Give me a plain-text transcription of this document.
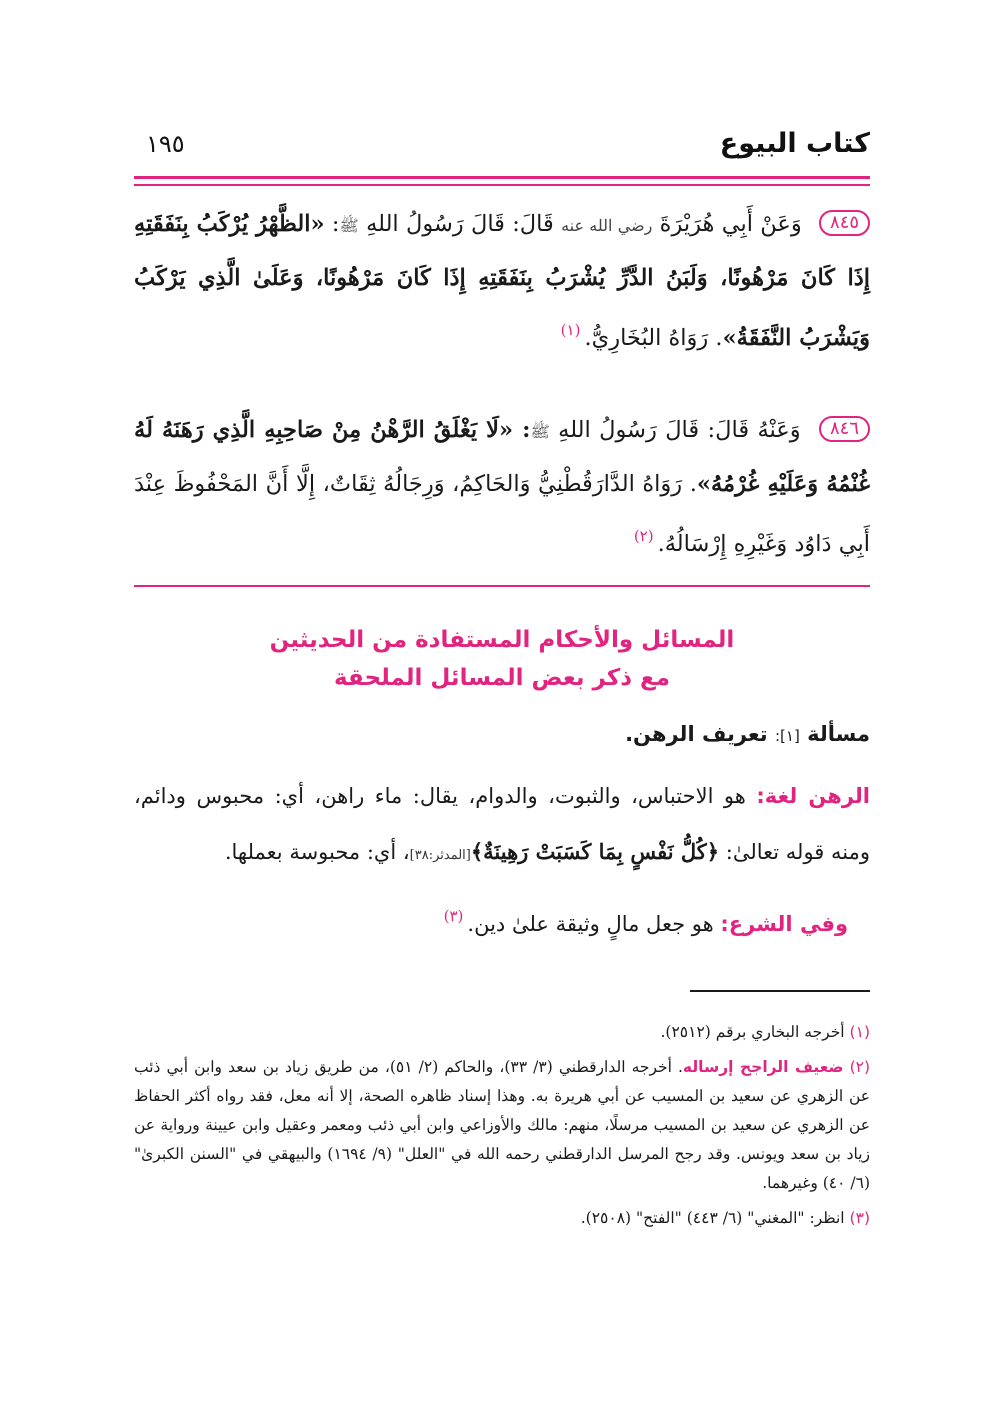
كتاب البيوع
١٩٥
٨٤٥ وَعَنْ أَبِي هُرَيْرَةَ رضي الله عنه قَالَ: قَالَ رَسُولُ اللهِ ﷺ: «الظَّهْرُ يُرْكَبُ بِنَفَقَتِهِ إِذَا كَانَ مَرْهُونًا، وَلَبَنُ الدَّرِّ يُشْرَبُ بِنَفَقَتِهِ إِذَا كَانَ مَرْهُونًا، وَعَلَىٰ الَّذِي يَرْكَبُ وَيَشْرَبُ النَّفَقَةُ». رَوَاهُ البُخَارِيُّ.$^{(١)}$
٨٤٦ وَعَنْهُ قَالَ: قَالَ رَسُولُ اللهِ ﷺ: «لَا يَغْلَقُ الرَّهْنُ مِنْ صَاحِبِهِ الَّذِي رَهَنَهُ لَهُ غُنْمُهُ وَعَلَيْهِ غُرْمُهُ». رَوَاهُ الدَّارَقُطْنِيُّ وَالحَاكِمُ، وَرِجَالُهُ ثِقَاتٌ، إِلَّا أَنَّ المَحْفُوظَ عِنْدَ أَبِي دَاوُد وَغَيْرِهِ إِرْسَالُهُ.$^{(٢)}$
المسائل والأحكام المستفادة من الحديثين
مع ذكر بعض المسائل الملحقة
مسألة [١]: تعريف الرهن.
الرهن لغة: هو الاحتباس، والثبوت، والدوام، يقال: ماء راهن، أي: محبوس ودائم، ومنه قوله تعالىٰ: ﴿كُلُّ نَفْسٍ بِمَا كَسَبَتْ رَهِينَةٌ﴾[المدثر:٣٨]، أي: محبوسة بعملها.
وفي الشرع: هو جعل مالٍ وثيقة علىٰ دين.$^{(٣)}$
(١) أخرجه البخاري برقم (٢٥١٢).
(٢) ضعيف الراجح إرساله. أخرجه الدارقطني (٣/ ٣٣)، والحاكم (٢/ ٥١)، من طريق زياد بن سعد وابن أبي ذئب عن الزهري عن سعيد بن المسيب عن أبي هريرة به. وهذا إسناد ظاهره الصحة، إلا أنه معل، فقد رواه أكثر الحفاظ عن الزهري عن سعيد بن المسيب مرسلًا، منهم: مالك والأوزاعي وابن أبي ذئب ومعمر وعقيل وابن عيينة ورواية عن زياد بن سعد ويونس. وقد رجح المرسل الدارقطني رحمه الله في "العلل" (٩/ ١٦٩٤) والبيهقي في "السنن الكبرىٰ" (٦/ ٤٠) وغيرهما.
(٣) انظر: "المغني" (٦/ ٤٤٣) "الفتح" (٢٥٠٨).
